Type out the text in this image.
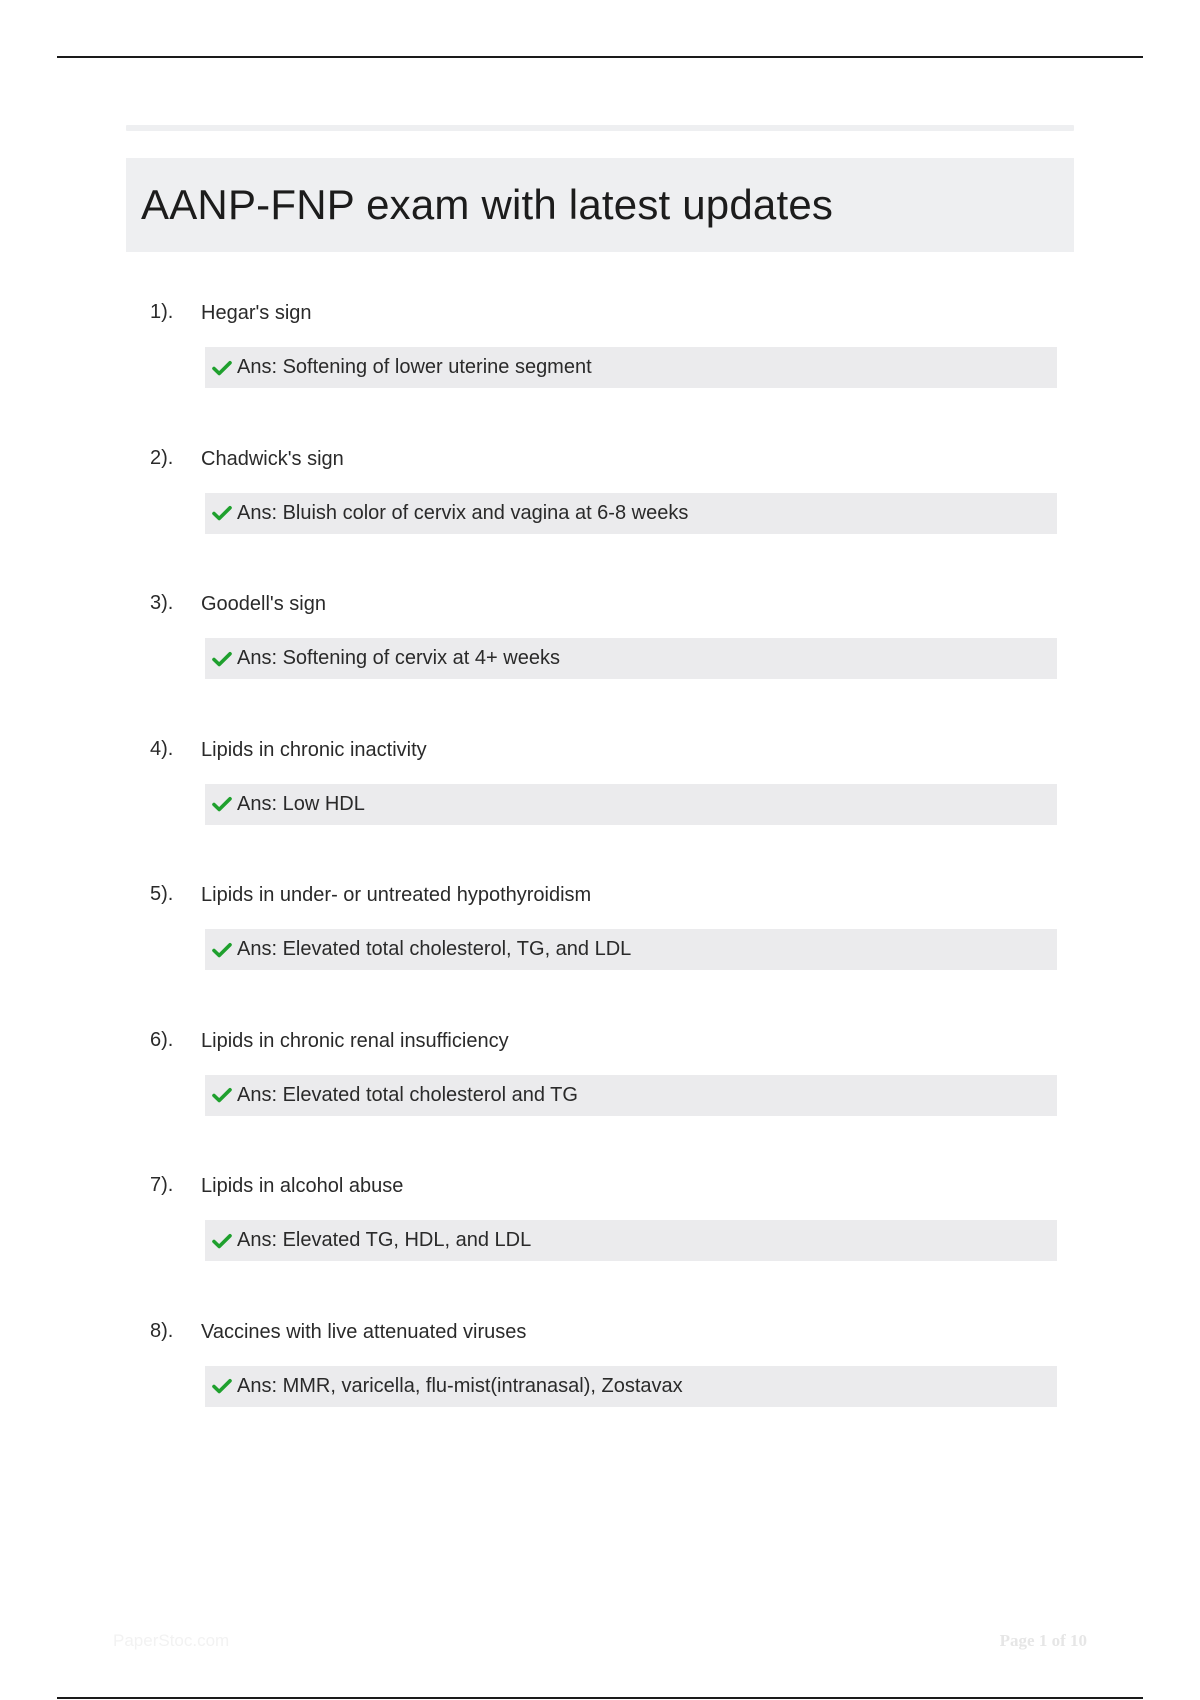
AANP-FNP exam with latest updates
1). Hegar's sign
Ans: Softening of lower uterine segment
2). Chadwick's sign
Ans: Bluish color of cervix and vagina at 6-8 weeks
3). Goodell's sign
Ans: Softening of cervix at 4+ weeks
4). Lipids in chronic inactivity
Ans: Low HDL
5). Lipids in under- or untreated hypothyroidism
Ans: Elevated total cholesterol, TG, and LDL
6). Lipids in chronic renal insufficiency
Ans: Elevated total cholesterol and TG
7). Lipids in alcohol abuse
Ans: Elevated TG, HDL, and LDL
8). Vaccines with live attenuated viruses
Ans: MMR, varicella, flu-mist(intranasal), Zostavax
PaperStoc.com	Page 1 of 10
